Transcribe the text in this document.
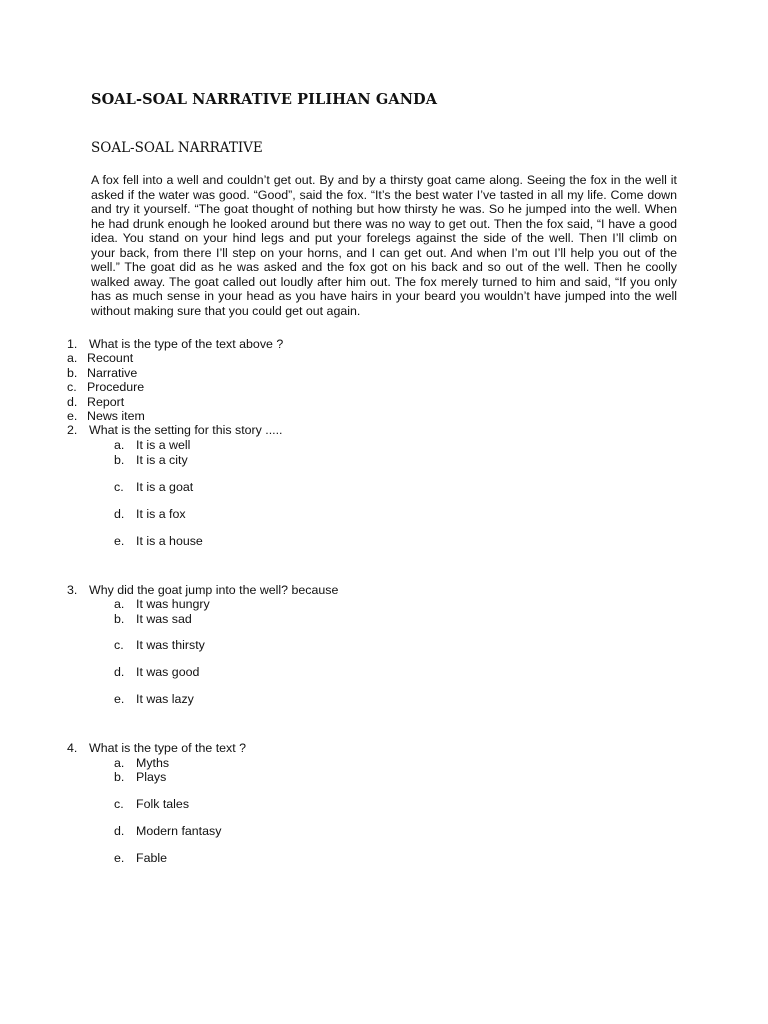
SOAL-SOAL NARRATIVE PILIHAN GANDA
SOAL-SOAL NARRATIVE
A fox fell into a well and couldn’t get out. By and by a thirsty goat came along. Seeing the fox in the well it
asked if the water was good. “Good”, said the fox. “It’s the best water I’ve tasted in all my life. Come down
and try it yourself. “The goat thought of nothing but how thirsty he was. So he jumped into the well. When
he had drunk enough he looked around but there was no way to get out. Then the fox said, “I have a good
idea. You stand on your hind legs and put your forelegs against the side of the well. Then I’ll climb on
your back, from there I’ll step on your horns, and I can get out. And when I’m out I’ll help you out of the
well.” The goat did as he was asked and the fox got on his back and so out of the well. Then he coolly
walked away. The goat called out loudly after him out. The fox merely turned to him and said, “If you only
has as much sense in your head as you have hairs in your beard you wouldn’t have jumped into the well
without making sure that you could get out again.
1. What is the type of the text above ?
a. Recount
b. Narrative
c. Procedure
d. Report
e. News item
2. What is the setting for this story .....
a. It is a well
b. It is a city
c. It is a goat
d. It is a fox
e. It is a house
3. Why did the goat jump into the well? because
a. It was hungry
b. It was sad
c. It was thirsty
d. It was good
e. It was lazy
4. What is the type of the text ?
a. Myths
b. Plays
c. Folk tales
d. Modern fantasy
e. Fable
